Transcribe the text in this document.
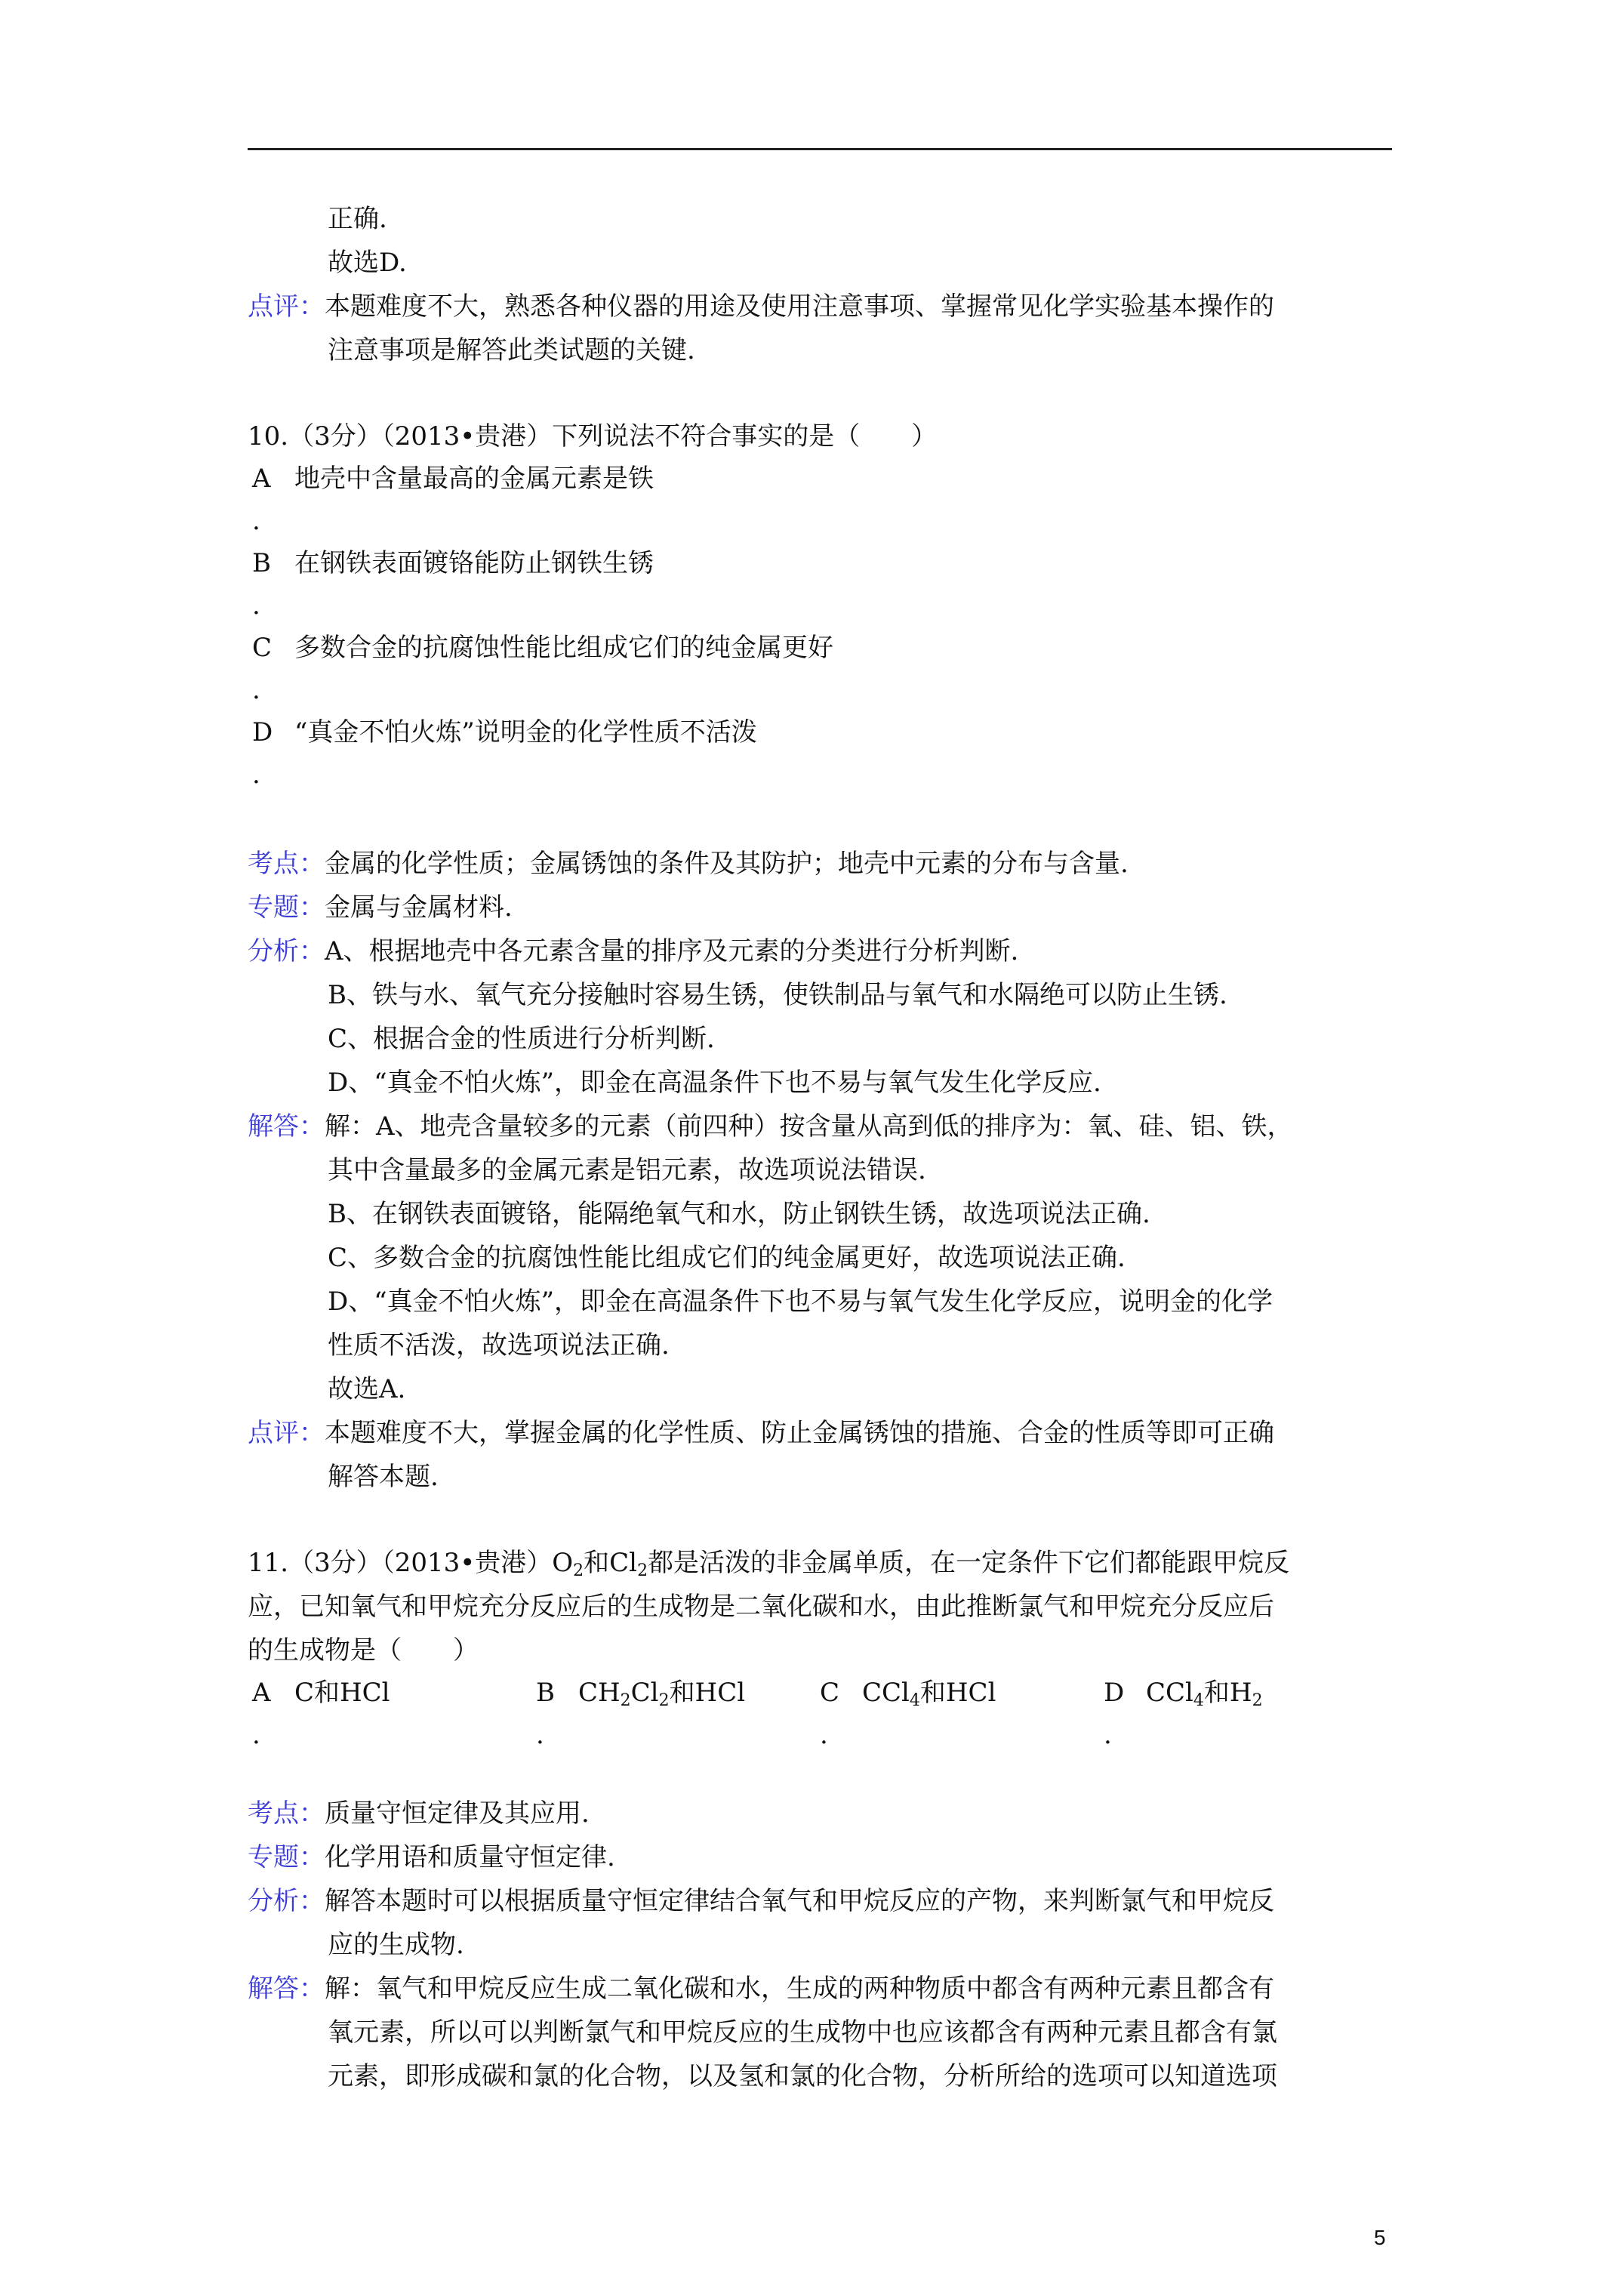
正确.
故选D.
点评：本题难度不大，熟悉各种仪器的用途及使用注意事项、掌握常见化学实验基本操作的
注意事项是解答此类试题的关键.
10.（3分）（2013•贵港）下列说法不符合事实的是（　　）
A 地壳中含量最高的金属元素是铁
.
B 在钢铁表面镀铬能防止钢铁生锈
.
C 多数合金的抗腐蚀性能比组成它们的纯金属更好
.
D “真金不怕火炼”说明金的化学性质不活泼
.
考点：金属的化学性质；金属锈蚀的条件及其防护；地壳中元素的分布与含量.
专题：金属与金属材料.
分析：A、根据地壳中各元素含量的排序及元素的分类进行分析判断.
B、铁与水、氧气充分接触时容易生锈，使铁制品与氧气和水隔绝可以防止生锈.
C、根据合金的性质进行分析判断.
D、“真金不怕火炼”，即金在高温条件下也不易与氧气发生化学反应.
解答：解：A、地壳含量较多的元素（前四种）按含量从高到低的排序为：氧、硅、铝、铁，
其中含量最多的金属元素是铝元素，故选项说法错误.
B、在钢铁表面镀铬，能隔绝氧气和水，防止钢铁生锈，故选项说法正确.
C、多数合金的抗腐蚀性能比组成它们的纯金属更好，故选项说法正确.
D、“真金不怕火炼”，即金在高温条件下也不易与氧气发生化学反应，说明金的化学
性质不活泼，故选项说法正确.
故选A.
点评：本题难度不大，掌握金属的化学性质、防止金属锈蚀的措施、合金的性质等即可正确
解答本题.
11.（3分）（2013•贵港）$O_2$和$Cl_2$都是活泼的非金属单质，在一定条件下它们都能跟甲烷反
应，已知氧气和甲烷充分反应后的生成物是二氧化碳和水，由此推断氯气和甲烷充分反应后
的生成物是（　　）
A C和HCl
.
B $CH_2Cl_2$和HCl
.
C CCl$_4$和HCl
.
D CCl$_4$和$H_2$
.
考点：质量守恒定律及其应用.
专题：化学用语和质量守恒定律.
分析：解答本题时可以根据质量守恒定律结合氧气和甲烷反应的产物，来判断氯气和甲烷反
应的生成物.
解答：解：氧气和甲烷反应生成二氧化碳和水，生成的两种物质中都含有两种元素且都含有
氧元素，所以可以判断氯气和甲烷反应的生成物中也应该都含有两种元素且都含有氯
元素，即形成碳和氯的化合物，以及氢和氯的化合物，分析所给的选项可以知道选项
5
